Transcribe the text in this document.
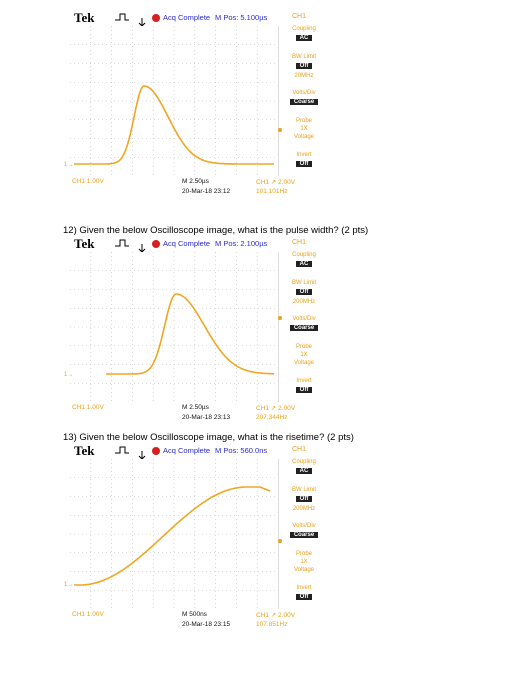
Tek	Acq Complete M Pos: 5.100µs	CH1
1→
Coupling
AC
BW Limit
Off
20MHz
Volts/Div
Coarse
Probe
1X
Voltage
Invert
Off
CH1 1.00V	M 2.50µs
20-Mar-18 23:12
CH1 ↗ 2.00V
101.101Hz
12) Given the below Oscilloscope image, what is the pulse width? (2 pts)
Tek	Acq Complete M Pos: 2.100µs	CH1
1→
Coupling
AC
BW Limit
Off
200MHz
Volts/Div
Coarse
Probe
1X
Voltage
Invert
Off
CH1 1.00V	M 2.50µs
20-Mar-18 23:13
CH1 ↗ 2.00V
207.344Hz
13) Given the below Oscilloscope image, what is the risetime? (2 pts)
Tek	Acq Complete M Pos: 560.0ns	CH1
1→
Coupling
AC
BW Limit
Off
200MHz
Volts/Div
Coarse
Probe
1X
Voltage
Invert
Off
CH1 1.00V	M 500ns
20-Mar-18 23:15
CH1 ↗ 2.00V
107.851Hz
